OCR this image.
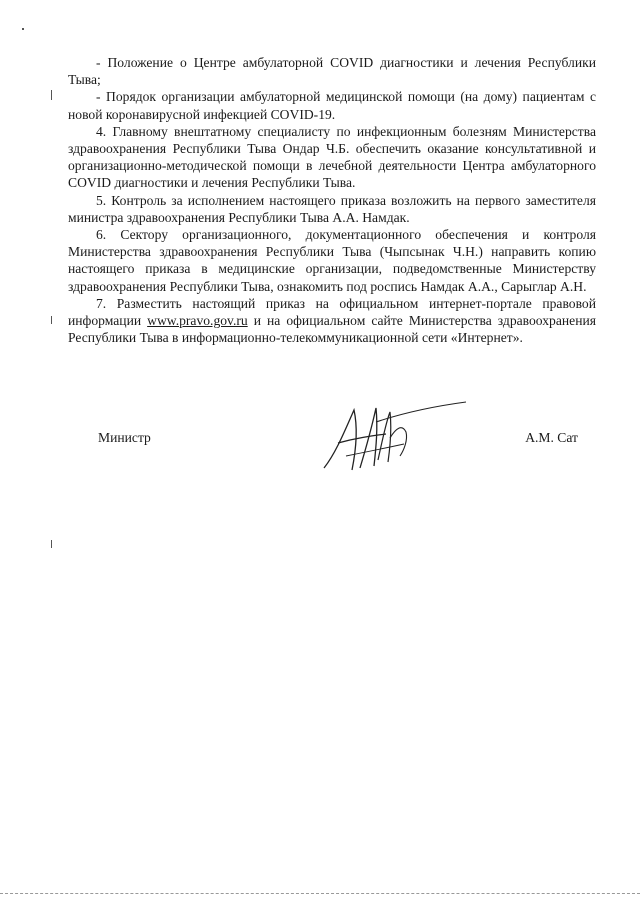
- Положение о Центре амбулаторной COVID диагностики и лечения Республики Тыва;

- Порядок организации амбулаторной медицинской помощи (на дому) пациентам с новой коронавирусной инфекцией COVID-19.

4. Главному внештатному специалисту по инфекционным болезням Министерства здравоохранения Республики Тыва Ондар Ч.Б. обеспечить оказание консультативной и организационно-методической помощи в лечебной деятельности Центра амбулаторного COVID диагностики и лечения Республики Тыва.

5. Контроль за исполнением настоящего приказа возложить на первого заместителя министра здравоохранения Республики Тыва А.А. Намдак.

6. Сектору организационного, документационного обеспечения и контроля Министерства здравоохранения Республики Тыва (Чыпсынак Ч.Н.) направить копию настоящего приказа в медицинские организации, подведомственные Министерству здравоохранения Республики Тыва, ознакомить под роспись Намдак А.А., Сарыглар А.Н.

7. Разместить настоящий приказ на официальном интернет-портале правовой информации www.pravo.gov.ru и на официальном сайте Министерства здравоохранения Республики Тыва в информационно-телекоммуникационной сети «Интернет».

Министр	А.М. Сат
